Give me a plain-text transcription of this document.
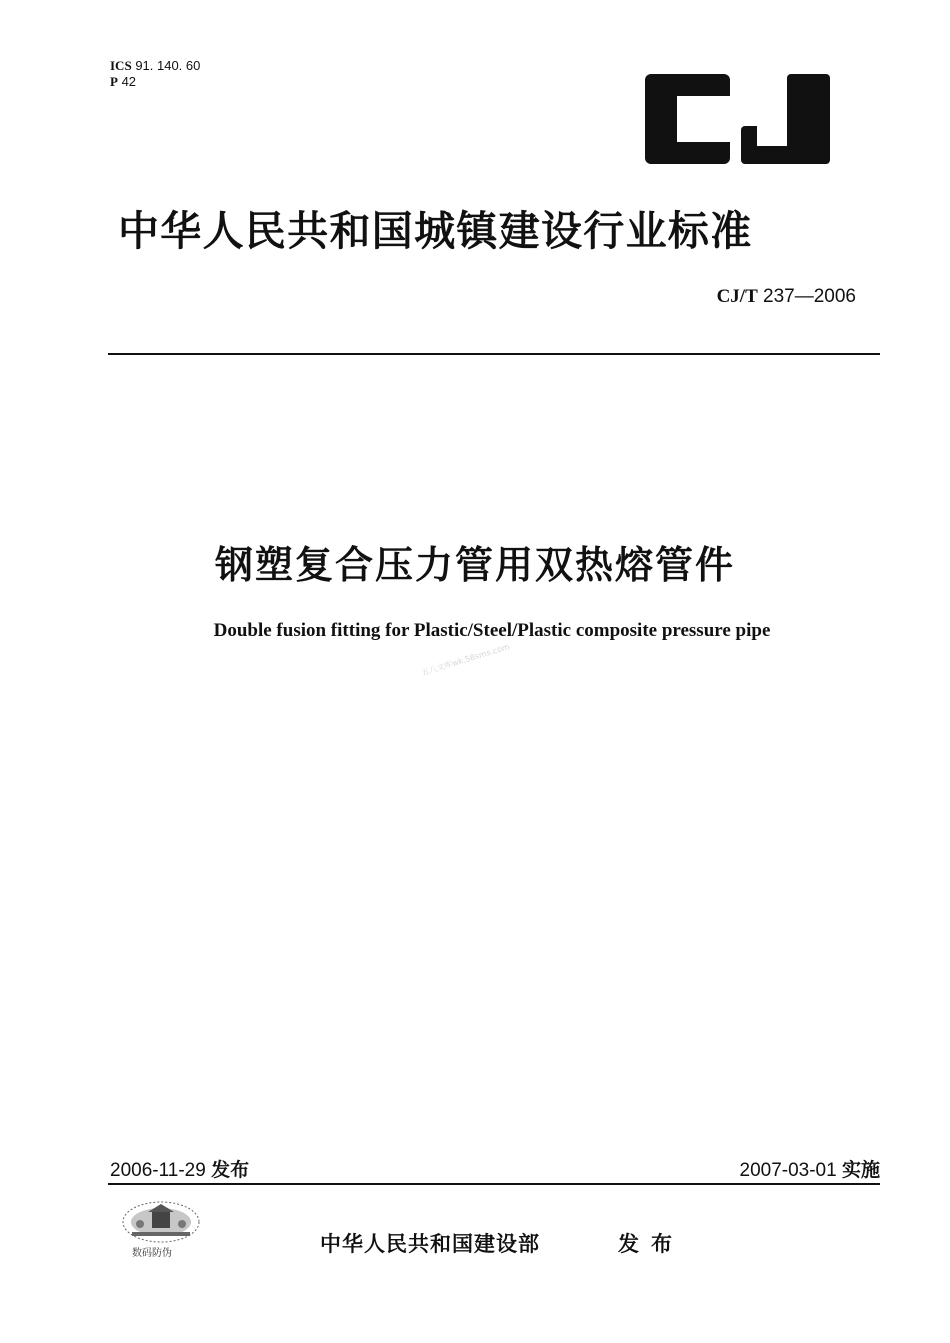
ICS 91. 140. 60
P 42
中华人民共和国城镇建设行业标准
CJ/T 237—2006
钢塑复合压力管用双热熔管件
Double fusion fitting for Plastic/Steel/Plastic composite pressure pipe
五八文库wk.58sms.com
2006-11-29 发布	2007-03-01 实施
数码防伪	中华人民共和国建设部	发布
